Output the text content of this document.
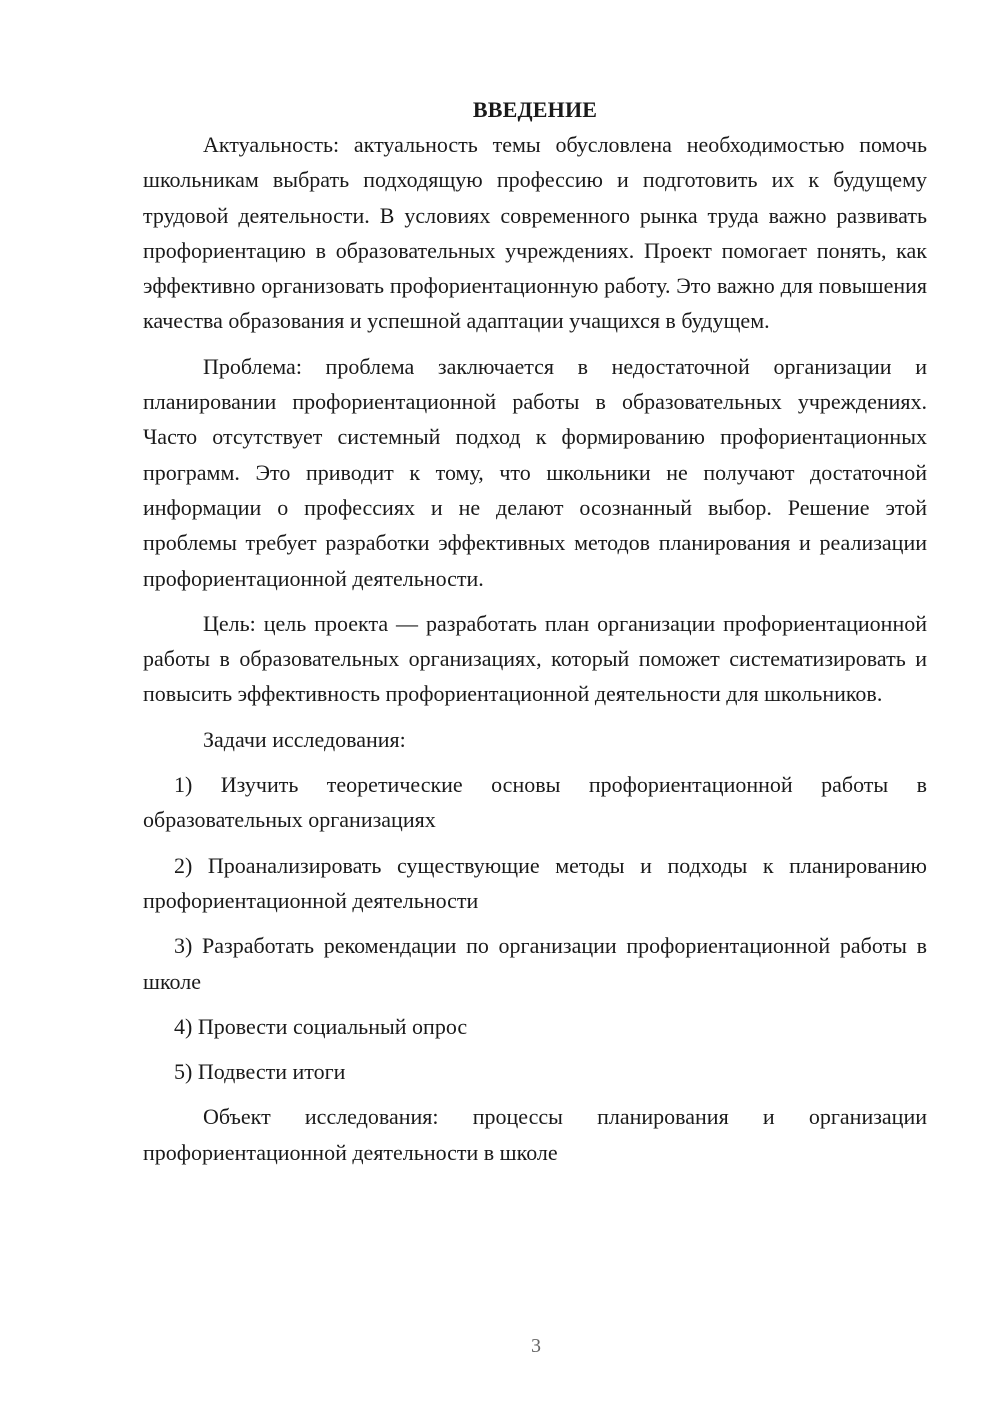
ВВЕДЕНИЕ

Актуальность: актуальность темы обусловлена необходимостью помочь школьникам выбрать подходящую профессию и подготовить их к будущему трудовой деятельности. В условиях современного рынка труда важно развивать профориентацию в образовательных учреждениях. Проект помогает понять, как эффективно организовать профориентационную работу. Это важно для повышения качества образования и успешной адаптации учащихся в будущем.

Проблема: проблема заключается в недостаточной организации и планировании профориентационной работы в образовательных учреждениях. Часто отсутствует системный подход к формированию профориентационных программ. Это приводит к тому, что школьники не получают достаточной информации о профессиях и не делают осознанный выбор. Решение этой проблемы требует разработки эффективных методов планирования и реализации профориентационной деятельности.

Цель: цель проекта — разработать план организации профориентационной работы в образовательных организациях, который поможет систематизировать и повысить эффективность профориентационной деятельности для школьников.

Задачи исследования:

1) Изучить теоретические основы профориентационной работы в образовательных организациях

2) Проанализировать существующие методы и подходы к планированию профориентационной деятельности

3) Разработать рекомендации по организации профориентационной работы в школе

4) Провести социальный опрос

5) Подвести итоги

Объект исследования: процессы планирования и организации профориентационной деятельности в школе

3
